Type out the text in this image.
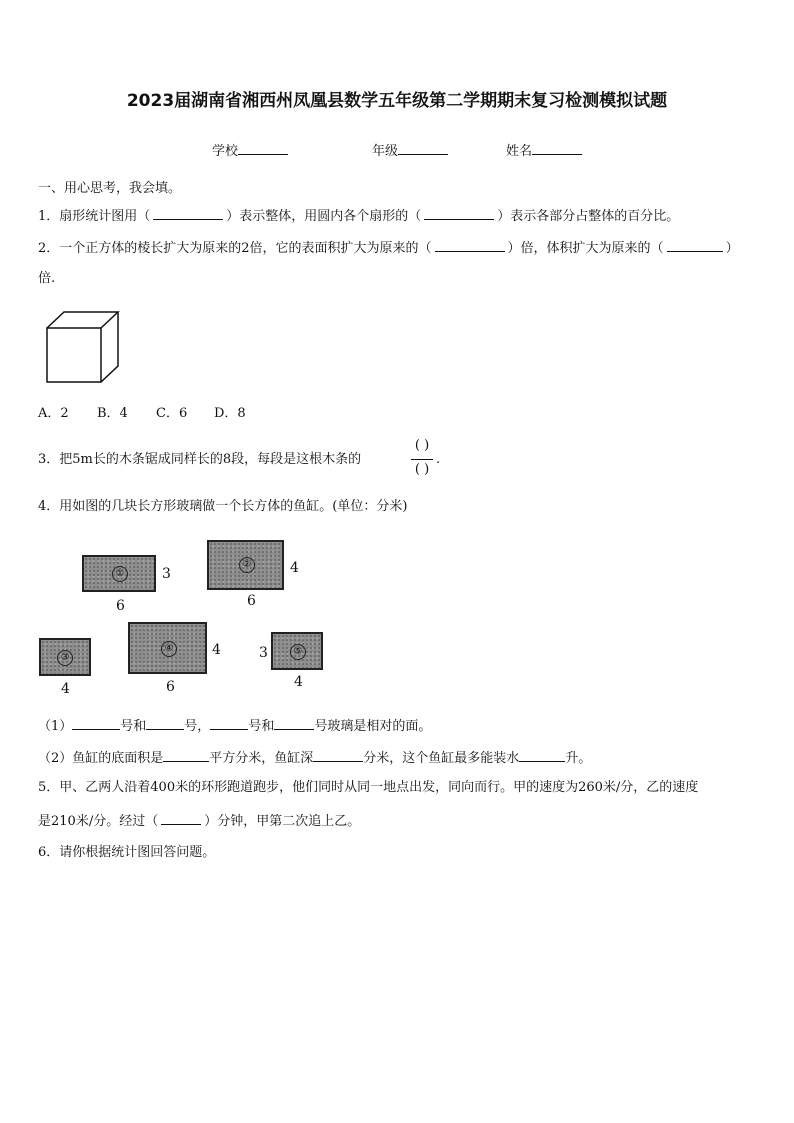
2023届湖南省湘西州凤凰县数学五年级第二学期期末复习检测模拟试题
学校	年级	姓名
一、用心思考，我会填。
1．扇形统计图用（	）表示整体，用圆内各个扇形的（	）表示各部分占整体的百分比。
2．一个正方体的棱长扩大为原来的2倍，它的表面积扩大为原来的（	）倍，体积扩大为原来的（	）
倍.
A．2 B．4 C．6 D．8
3．把5m长的木条锯成同样长的8段，每段是这根木条的
( )
( )
.
4．用如图的几块长方形玻璃做一个长方体的鱼缸。(单位：分米)
①	3
6
②	4
6
③
4
④	4
6
⑤
3
4
（1）	号和	号，	号和	号玻璃是相对的面。
（2）鱼缸的底面积是	平方分米，鱼缸深	分米，这个鱼缸最多能装水	升。
5．甲、乙两人沿着400米的环形跑道跑步，他们同时从同一地点出发，同向而行。甲的速度为260米/分，乙的速度
是210米/分。经过（	）分钟，甲第二次追上乙。
6．请你根据统计图回答问题。
